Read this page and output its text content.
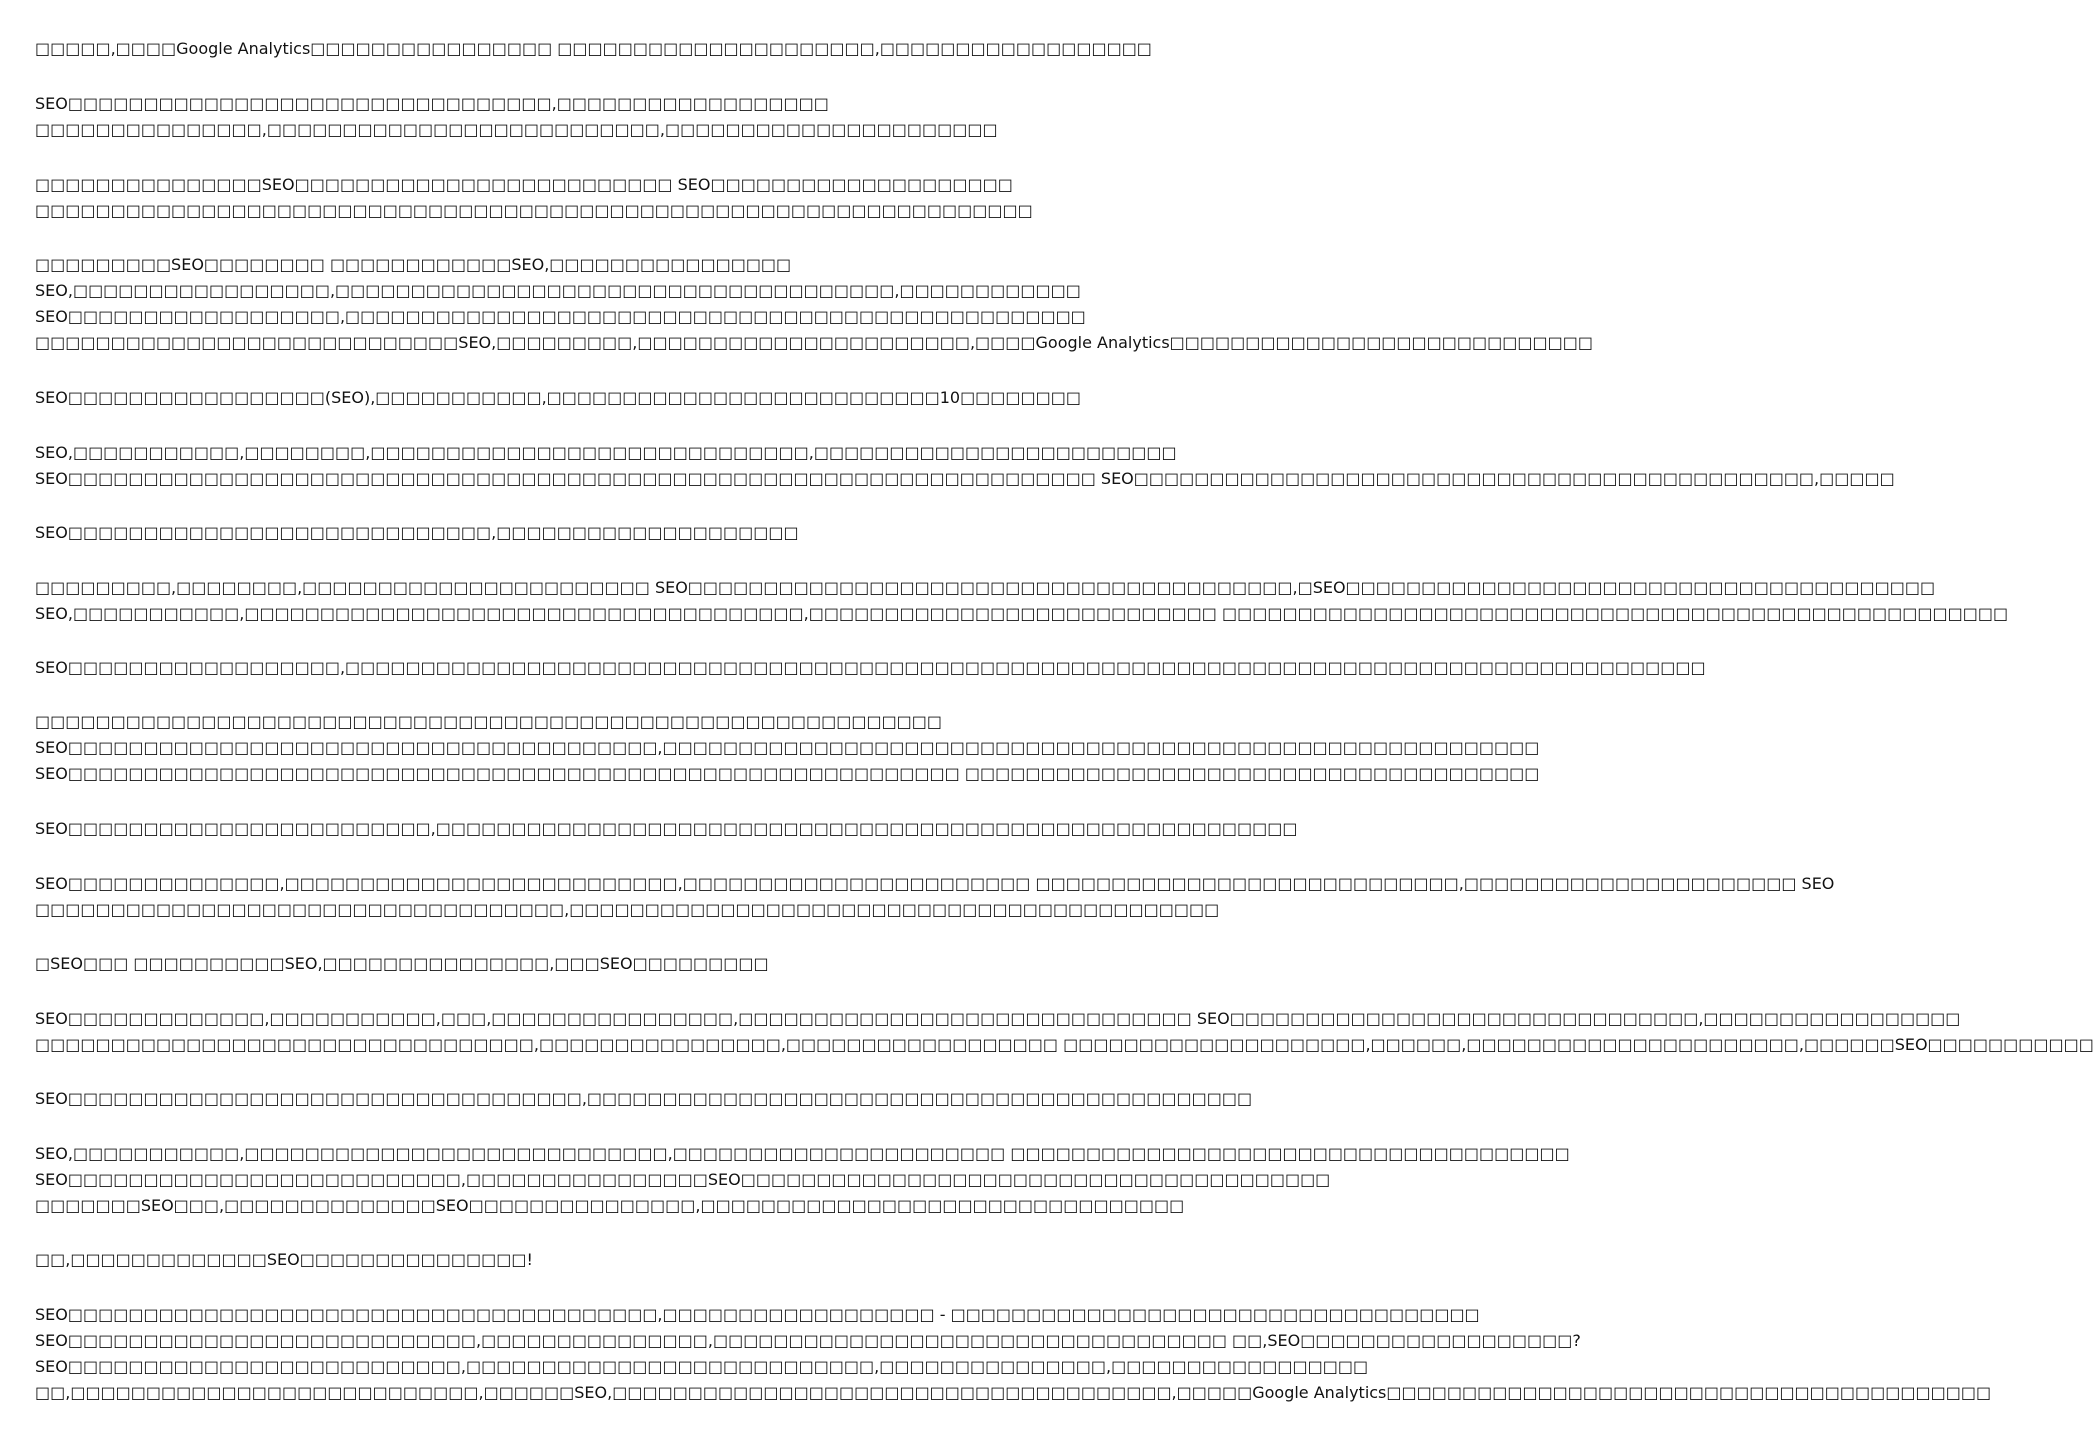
□□□□□,□□□□Google Analytics□□□□□□□□□□□□□□□□ □□□□□□□□□□□□□□□□□□□□□,□□□□□□□□□□□□□□□□□□
SEO□□□□□□□□□□□□□□□□□□□□□□□□□□□□□□□□,□□□□□□□□□□□□□□□□□□
□□□□□□□□□□□□□□□,□□□□□□□□□□□□□□□□□□□□□□□□□□,□□□□□□□□□□□□□□□□□□□□□□
□□□□□□□□□□□□□□□SEO□□□□□□□□□□□□□□□□□□□□□□□□□ SEO□□□□□□□□□□□□□□□□□□□□
□□□□□□□□□□□□□□□□□□□□□□□□□□□□□□□□□□□□□□□□□□□□□□□□□□□□□□□□□□□□□□□□□□
□□□□□□□□□SEO□□□□□□□□ □□□□□□□□□□□□SEO,□□□□□□□□□□□□□□□□
SEO,□□□□□□□□□□□□□□□□□,□□□□□□□□□□□□□□□□□□□□□□□□□□□□□□□□□□□□□,□□□□□□□□□□□□
SEO□□□□□□□□□□□□□□□□□□,□□□□□□□□□□□□□□□□□□□□□□□□□□□□□□□□□□□□□□□□□□□□□□□□□
□□□□□□□□□□□□□□□□□□□□□□□□□□□□SEO,□□□□□□□□□,□□□□□□□□□□□□□□□□□□□□□□,□□□□Google Analytics□□□□□□□□□□□□□□□□□□□□□□□□□□□□
SEO□□□□□□□□□□□□□□□□□(SEO),□□□□□□□□□□□,□□□□□□□□□□□□□□□□□□□□□□□□□□10□□□□□□□□
SEO,□□□□□□□□□□□,□□□□□□□□,□□□□□□□□□□□□□□□□□□□□□□□□□□□□□,□□□□□□□□□□□□□□□□□□□□□□□□
SEO□□□□□□□□□□□□□□□□□□□□□□□□□□□□□□□□□□□□□□□□□□□□□□□□□□□□□□□□□□□□□□□□□□□□ SEO□□□□□□□□□□□□□□□□□□□□□□□□□□□□□□□□□□□□□□□□□□□□□,□□□□□
SEO□□□□□□□□□□□□□□□□□□□□□□□□□□□□,□□□□□□□□□□□□□□□□□□□□
□□□□□□□□□,□□□□□□□□,□□□□□□□□□□□□□□□□□□□□□□□ SEO□□□□□□□□□□□□□□□□□□□□□□□□□□□□□□□□□□□□□□□□,□SEO□□□□□□□□□□□□□□□□□□□□□□□□□□□□□□□□□□□□□□□
SEO,□□□□□□□□□□□,□□□□□□□□□□□□□□□□□□□□□□□□□□□□□□□□□□□□□,□□□□□□□□□□□□□□□□□□□□□□□□□□□ □□□□□□□□□□□□□□□□□□□□□□□□□□□□□□□□□□□□□□□□□□□□□□□□□□□□
SEO□□□□□□□□□□□□□□□□□□,□□□□□□□□□□□□□□□□□□□□□□□□□□□□□□□□□□□□□□□□□□□□□□□□□□□□□□□□□□□□□□□□□□□□□□□□□□□□□□□□□□□□□□□□□□
□□□□□□□□□□□□□□□□□□□□□□□□□□□□□□□□□□□□□□□□□□□□□□□□□□□□□□□□□□□□
SEO□□□□□□□□□□□□□□□□□□□□□□□□□□□□□□□□□□□□□□□,□□□□□□□□□□□□□□□□□□□□□□□□□□□□□□□□□□□□□□□□□□□□□□□□□□□□□□□□□□
SEO□□□□□□□□□□□□□□□□□□□□□□□□□□□□□□□□□□□□□□□□□□□□□□□□□□□□□□□□□□□ □□□□□□□□□□□□□□□□□□□□□□□□□□□□□□□□□□□□□□
SEO□□□□□□□□□□□□□□□□□□□□□□□□,□□□□□□□□□□□□□□□□□□□□□□□□□□□□□□□□□□□□□□□□□□□□□□□□□□□□□□□□□
SEO□□□□□□□□□□□□□□,□□□□□□□□□□□□□□□□□□□□□□□□□□,□□□□□□□□□□□□□□□□□□□□□□□ □□□□□□□□□□□□□□□□□□□□□□□□□□□□,□□□□□□□□□□□□□□□□□□□□□□ SEO
□□□□□□□□□□□□□□□□□□□□□□□□□□□□□□□□□□□,□□□□□□□□□□□□□□□□□□□□□□□□□□□□□□□□□□□□□□□□□□□
□SEO□□□ □□□□□□□□□□SEO,□□□□□□□□□□□□□□□,□□□SEO□□□□□□□□□
SEO□□□□□□□□□□□□□,□□□□□□□□□□□,□□□,□□□□□□□□□□□□□□□□,□□□□□□□□□□□□□□□□□□□□□□□□□□□□□□ SEO□□□□□□□□□□□□□□□□□□□□□□□□□□□□□□□,□□□□□□□□□□□□□□□□□
□□□□□□□□□□□□□□□□□□□□□□□□□□□□□□□□□,□□□□□□□□□□□□□□□□,□□□□□□□□□□□□□□□□□□ □□□□□□□□□□□□□□□□□□□□,□□□□□□,□□□□□□□□□□□□□□□□□□□□□□,□□□□□□SEO□□□□□□□□□□□
SEO□□□□□□□□□□□□□□□□□□□□□□□□□□□□□□□□□□,□□□□□□□□□□□□□□□□□□□□□□□□□□□□□□□□□□□□□□□□□□□□
SEO,□□□□□□□□□□□,□□□□□□□□□□□□□□□□□□□□□□□□□□□□,□□□□□□□□□□□□□□□□□□□□□□ □□□□□□□□□□□□□□□□□□□□□□□□□□□□□□□□□□□□□
SEO□□□□□□□□□□□□□□□□□□□□□□□□□□,□□□□□□□□□□□□□□□□SEO□□□□□□□□□□□□□□□□□□□□□□□□□□□□□□□□□□□□□□□
□□□□□□□SEO□□□,□□□□□□□□□□□□□□SEO□□□□□□□□□□□□□□□,□□□□□□□□□□□□□□□□□□□□□□□□□□□□□□□□
□□,□□□□□□□□□□□□□SEO□□□□□□□□□□□□□□□!
SEO□□□□□□□□□□□□□□□□□□□□□□□□□□□□□□□□□□□□□□□,□□□□□□□□□□□□□□□□□□ - □□□□□□□□□□□□□□□□□□□□□□□□□□□□□□□□□□□
SEO□□□□□□□□□□□□□□□□□□□□□□□□□□□,□□□□□□□□□□□□□□□,□□□□□□□□□□□□□□□□□□□□□□□□□□□□□□□□□□ □□,SEO□□□□□□□□□□□□□□□□□□?
SEO□□□□□□□□□□□□□□□□□□□□□□□□□□,□□□□□□□□□□□□□□□□□□□□□□□□□□□,□□□□□□□□□□□□□□□,□□□□□□□□□□□□□□□□□
□□,□□□□□□□□□□□□□□□□□□□□□□□□□□□,□□□□□□SEO,□□□□□□□□□□□□□□□□□□□□□□□□□□□□□□□□□□□□□,□□□□□Google Analytics□□□□□□□□□□□□□□□□□□□□□□□□□□□□□□□□□□□□□□□□
